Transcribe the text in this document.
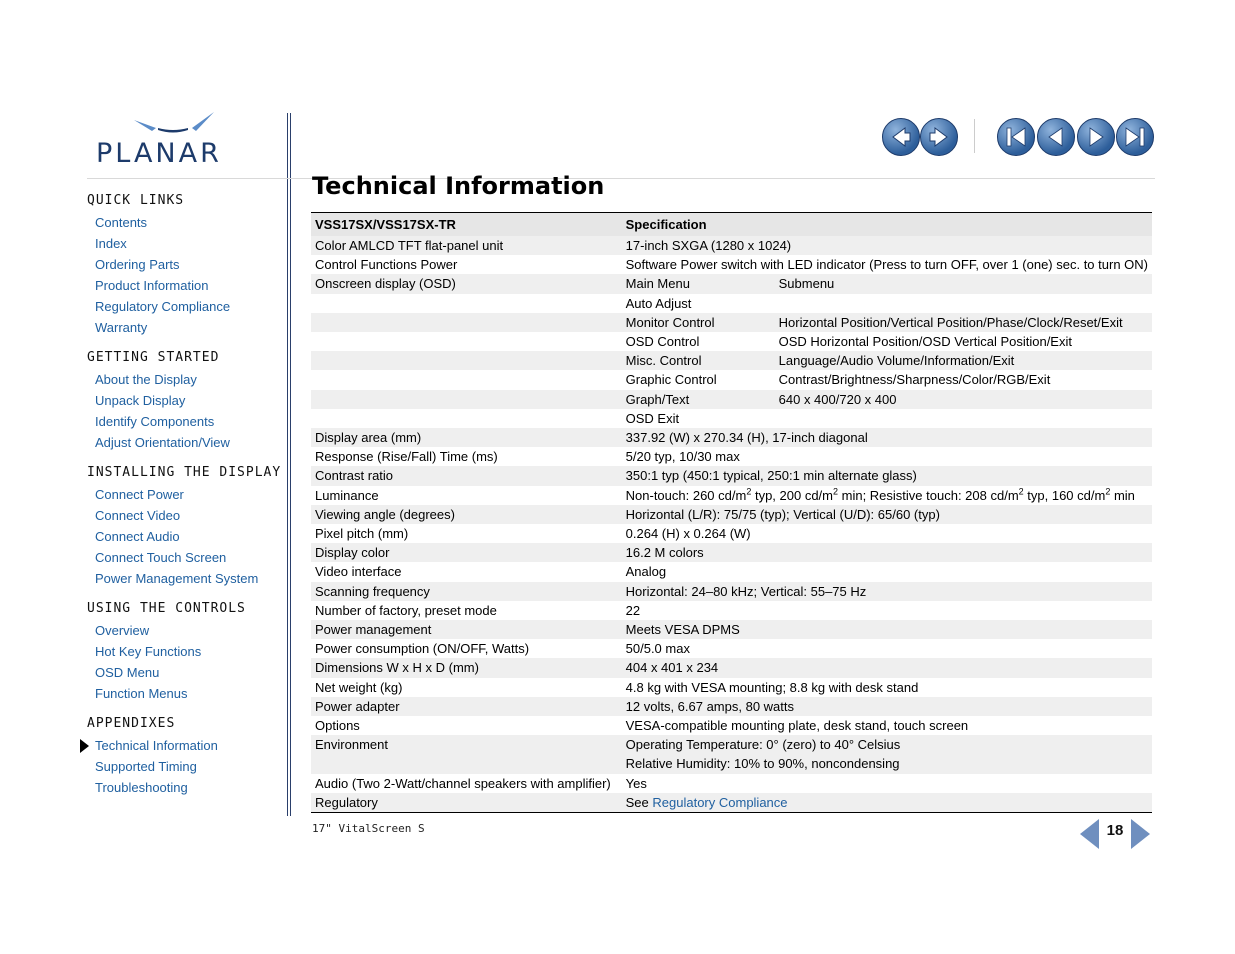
PLANAR
QUICK LINKS
Contents
Index
Ordering Parts
Product Information
Regulatory Compliance
Warranty
GETTING STARTED
About the Display
Unpack Display
Identify Components
Adjust Orientation/View
INSTALLING THE DISPLAY
Connect Power
Connect Video
Connect Audio
Connect Touch Screen
Power Management System
USING THE CONTROLS
Overview
Hot Key Functions
OSD Menu
Function Menus
APPENDIXES
Technical Information
Supported Timing
Troubleshooting
Technical Information
VSS17SX/VSS17SX-TR	Specification	
Color AMLCD TFT flat-panel unit	17-inch SXGA (1280 x 1024)	
Control Functions Power	Software Power switch with LED indicator (Press to turn OFF, over 1 (one) sec. to turn ON)	
Onscreen display (OSD)	Main Menu	Submenu
	Auto Adjust	
	Monitor Control	Horizontal Position/Vertical Position/Phase/Clock/Reset/Exit
	OSD Control	OSD Horizontal Position/OSD Vertical Position/Exit
	Misc. Control	Language/Audio Volume/Information/Exit
	Graphic Control	Contrast/Brightness/Sharpness/Color/RGB/Exit
	Graph/Text	640 x 400/720 x 400
	OSD Exit	
Display area (mm)	337.92 (W) x 270.34 (H), 17-inch diagonal	
Response (Rise/Fall) Time (ms)	5/20 typ, 10/30 max	
Contrast ratio	350:1 typ (450:1 typical, 250:1 min alternate glass)	
Luminance	Non-touch: 260 $cd/m^2$ typ, 200 $cd/m^2$ min; Resistive touch: 208 $cd/m^2$ typ, 160 $cd/m^2$ min	
Viewing angle (degrees)	Horizontal (L/R): 75/75 (typ); Vertical (U/D): 65/60 (typ)	
Pixel pitch (mm)	0.264 (H) x 0.264 (W)	
Display color	16.2 M colors	
Video interface	Analog	
Scanning frequency	Horizontal: 24–80 kHz; Vertical: 55–75 Hz	
Number of factory, preset mode	22	
Power management	Meets VESA DPMS	
Power consumption (ON/OFF, Watts)	50/5.0 max	
Dimensions W x H x D (mm)	404 x 401 x 234	
Net weight (kg)	4.8 kg with VESA mounting; 8.8 kg with desk stand	
Power adapter	12 volts, 6.67 amps, 80 watts	
Options	VESA-compatible mounting plate, desk stand, touch screen	
Environment	Operating Temperature: 0° (zero) to 40° Celsius	
	Relative Humidity: 10% to 90%, noncondensing	
Audio (Two 2-Watt/channel speakers with amplifier)	Yes	
Regulatory	See Regulatory Compliance	
17" VitalScreen S	18
